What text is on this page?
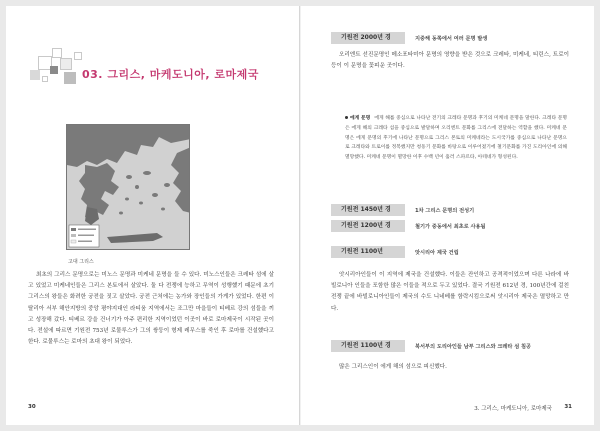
03. 그리스, 마케도니아, 로마제국
고대 그리스
최초의 그리스 문명으로는 미노스 문명과 미케네 문명을 들 수 있다. 미노스인들은 크레타 섬에 살고 있었고 미케네인들은 그리스 본토에서 살았다. 둘 다 전쟁에 능하고 무역이 성행했기 때문에 초기 그리스의 왕들은 화려한 궁전을 짓고 살았다. 궁전 근처에는 농가와 장인들의 가게가 있었다. 한편 이탈리아 서부 해안지방의 중앙 평야지대인 라티움 지역에서는 조그만 마을들이 티베르 강의 섬들을 끼고 성장해 갔다. 티베르 강을 건너기가 아주 편리한 지역이었던 이곳이 바로 로마제국이 시작된 곳이다. 전설에 따르면 기원전 753년 로물루스가 그의 쌍둥이 형제 레무스를 죽인 후 로마를 건설했다고 한다. 로물루스는 로마의 초대 왕이 되었다.
30
기원전 2000년 경	지중해 동쪽에서 여러 문명 발생
오리엔트 선진문명인 메소포타미아 문명의 영향을 받은 것으로 크레타, 미케네, 티린스, 트로이 등이 이 문명을 꽃피운 곳이다.
에게 문명 에게 해를 중심으로 나타난 전기의 크레타 문명과 후기의 미케네 문명을 말한다. 크레타 문명은 에게 해의 크레타 섬을 중심으로 발달하며 오리엔트 문화를 그리스에 전달하는 역할을 했다. 미케네 문명은 에게 문명의 후기에 나타난 문명으로 그리스 본토의 미케네라는 도시국가를 중심으로 나타난 문명으로 크레타와 트로이를 정복했지만 청동기 문화를 바탕으로 이루어졌기에 철기문화를 가진 도리아인에 의해 멸망했다. 미케네 문명이 멸망한 이후 수백 년이 흘러 스파르타, 아테네가 형성된다.
기원전 1450년 경	1차 그리스 문명의 전성기
기원전 1200년 경	철기가 중동에서 최초로 사용됨
기원전 1100년	앗시리아 제국 건립
앗시리아인들이 이 지역에 제국을 건설했다. 이들은 잔인하고 공격적이었으며 다른 나라에 바빌로니아 인들을 포함한 많은 이들을 적으로 두고 있었다. 결국 기원전 612년 경, 100년간에 걸친 전쟁 끝에 바빌로니아인들이 제국의 수도 니네베를 함락시킴으로써 앗시리아 제국은 멸망하고 만다.
기원전 1100년 경	북서부의 도리아인들 남부 그리스와 크레타 섬 침공
많은 그리스인이 에게 해의 섬으로 피신했다.
3. 그리스, 마케도니아, 로마제국 31
